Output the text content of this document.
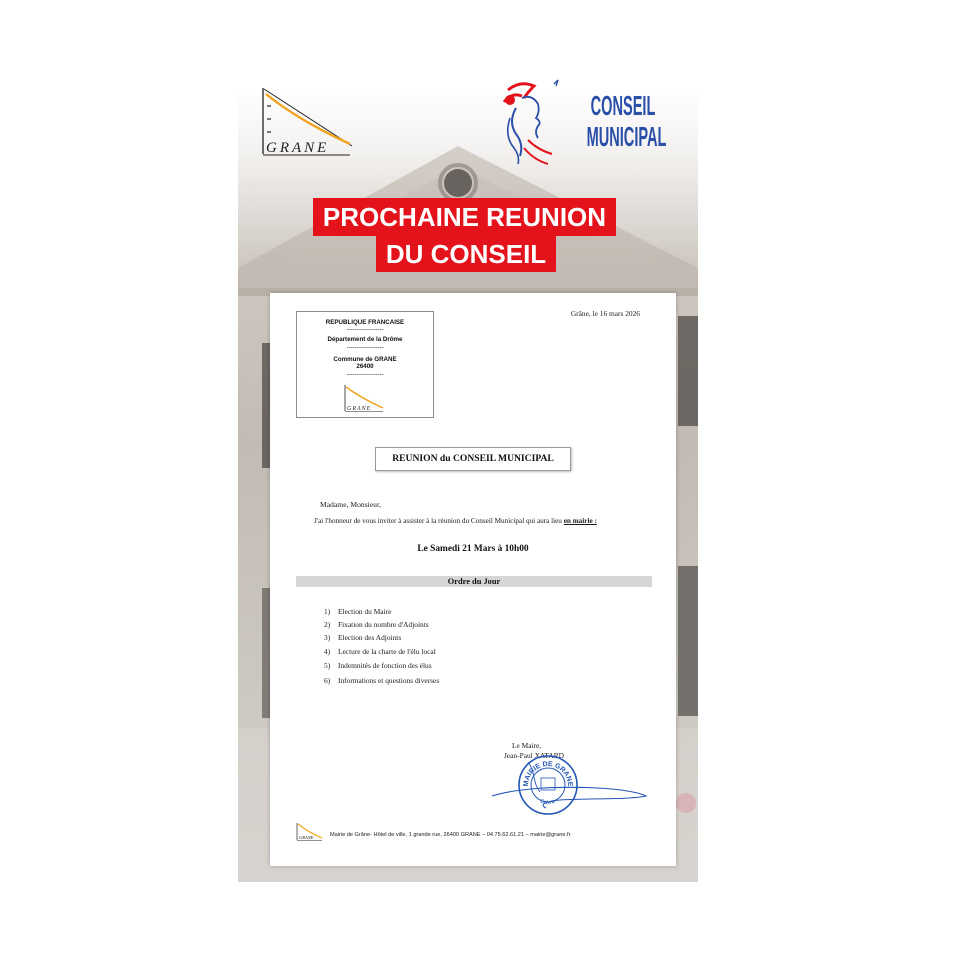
GRANE
CONSEIL
MUNICIPAL
PROCHAINE REUNION
DU CONSEIL
REPUBLIQUE FRANCAISE
------------------
Département de la Drôme
------------------
Commune de GRANE
26400
------------------
GRANE
Grâne, le 16 mars 2026
REUNION du CONSEIL MUNICIPAL
Madame, Monsieur,
J'ai l'honneur de vous inviter à assister à la réunion du Conseil Municipal qui aura lieu en mairie :
Le Samedi 21 Mars à 10h00
Ordre du Jour
1) Election du Maire
2) Fixation du nombre d'Adjoints
3) Election des Adjoints
4) Lecture de la charte de l'élu local
5) Indemnités de fonction des élus
6) Informations et questions diverses
Le Maire,
Jean-Paul XATARD
MAIRIE DE GRANE
Drôme
GRANE	Mairie de Grâne- Hôtel de ville, 1 grande rue, 26400 GRANE – 04.75.62.61.21 – mairie@grane.fr
